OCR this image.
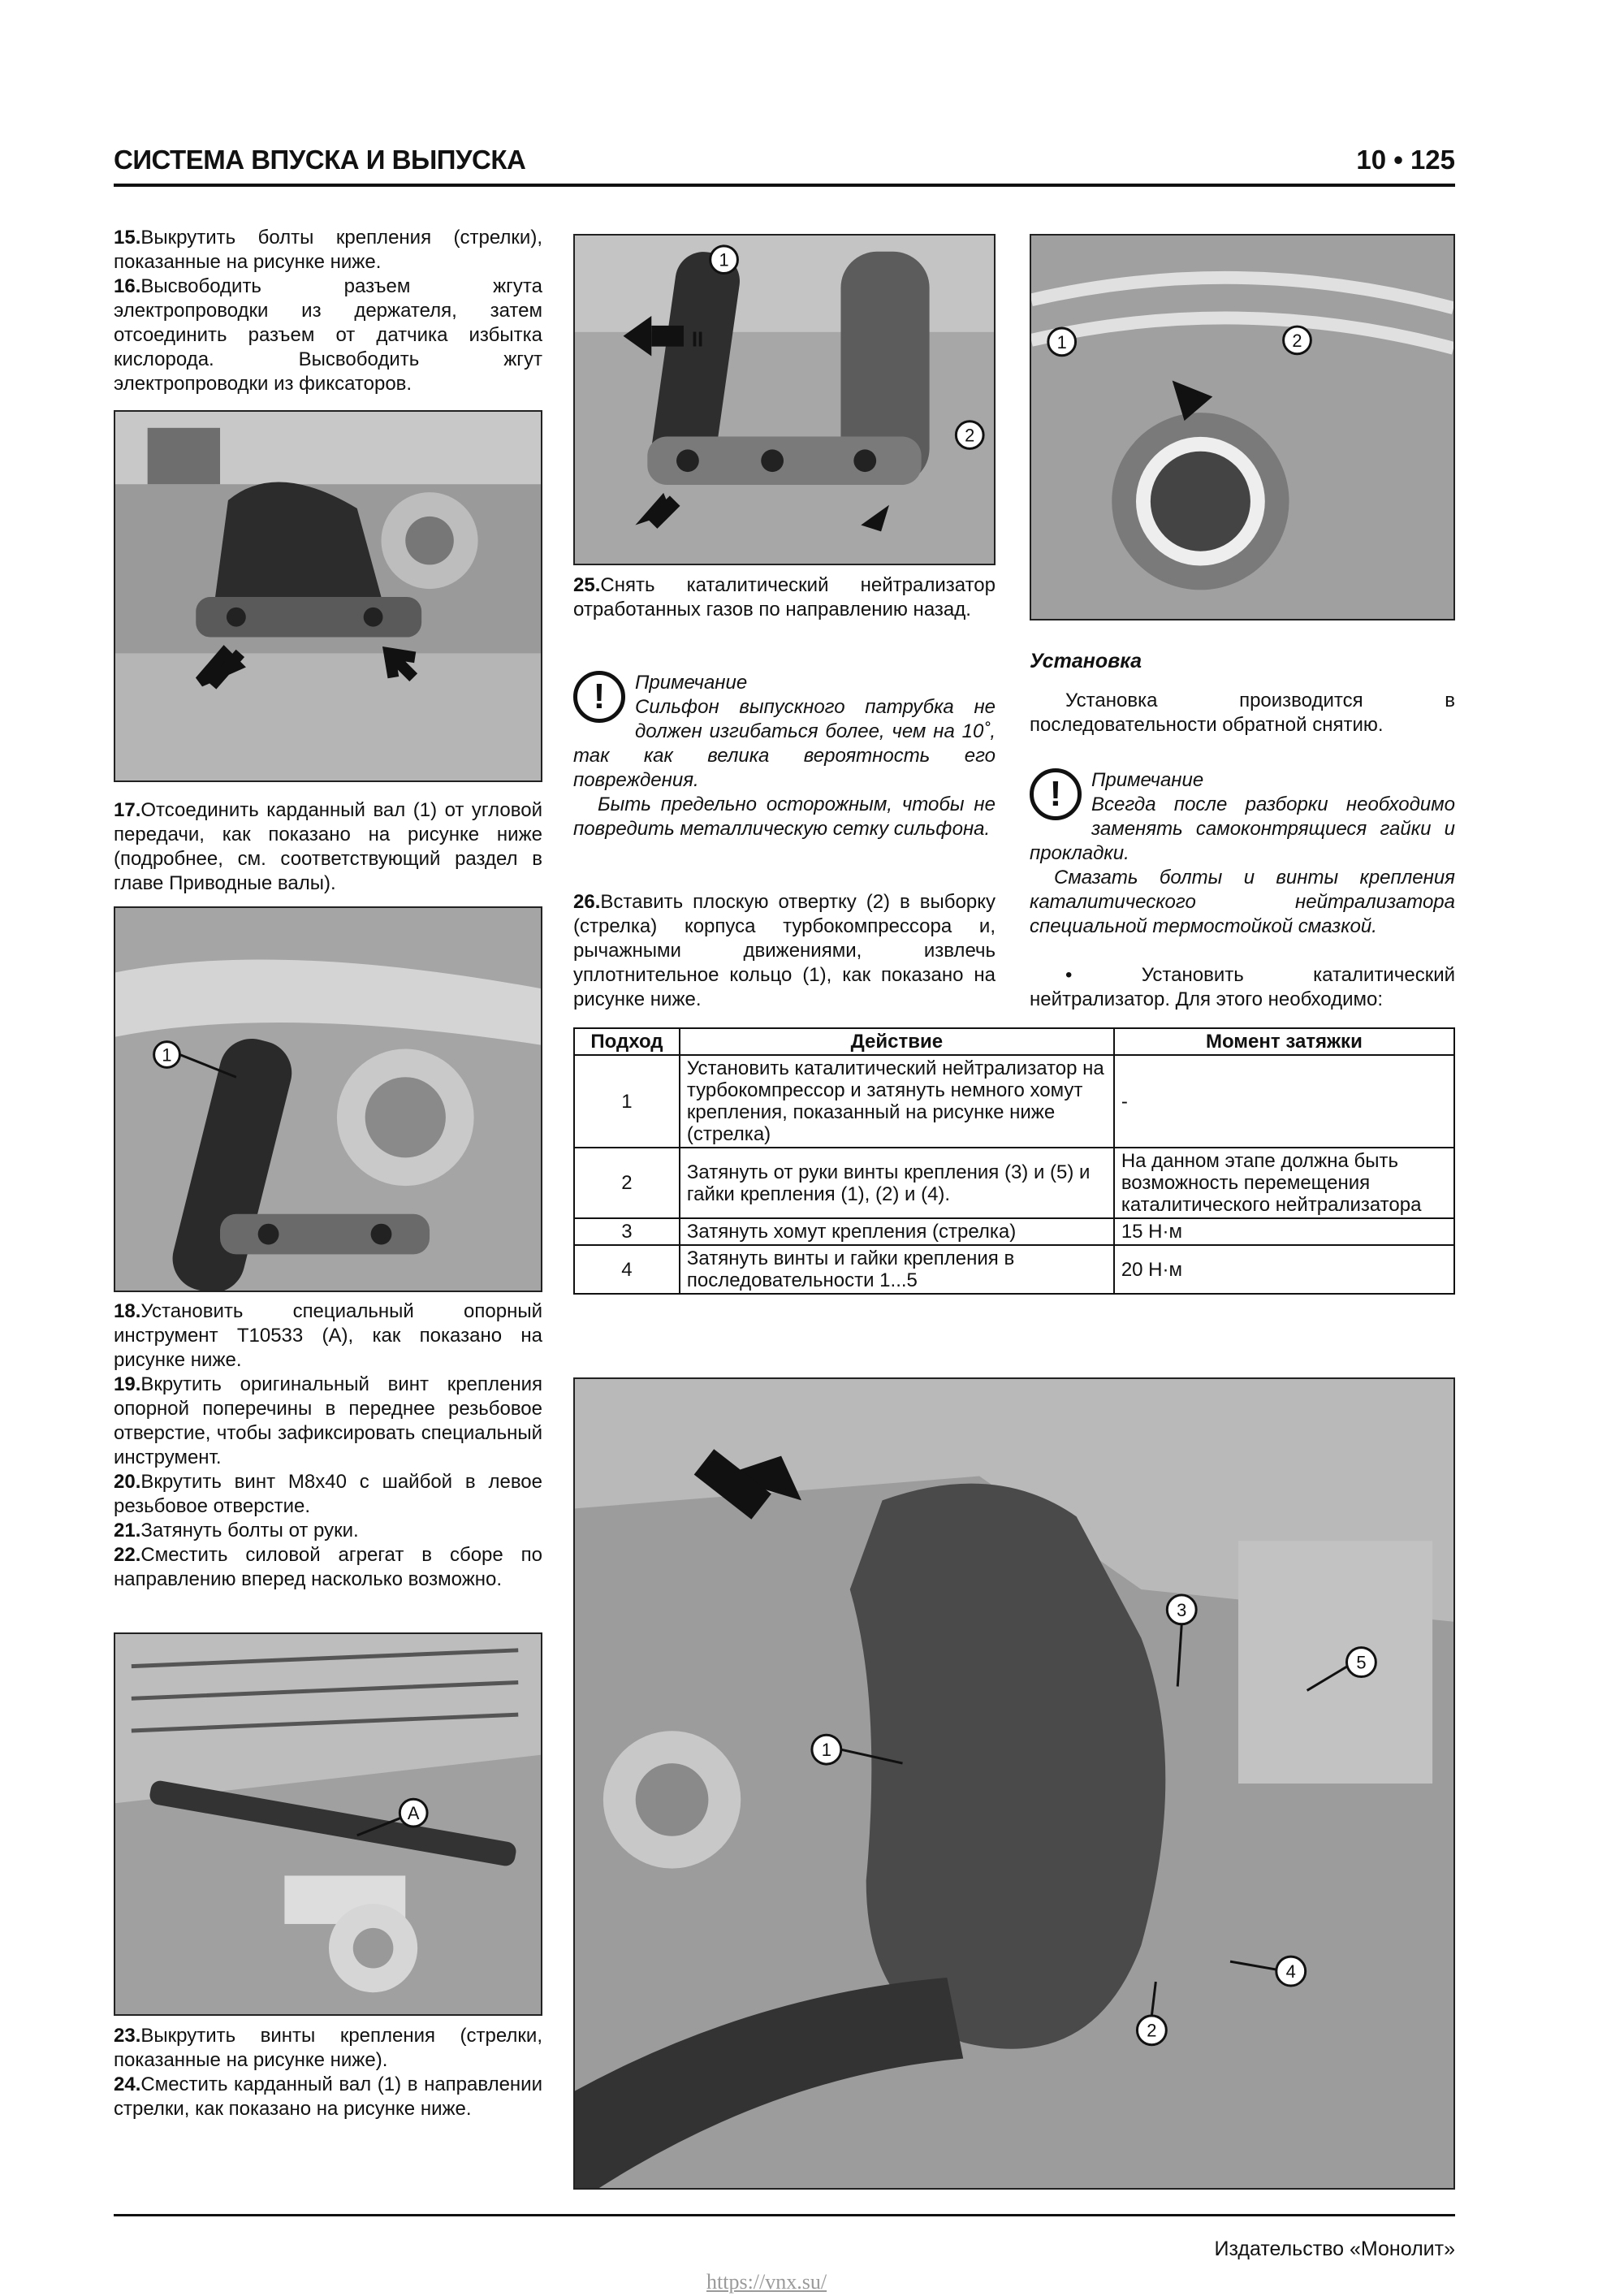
СИСТЕМА ВПУСКА И ВЫПУСКА	10 • 125

15.Выкрутить болты крепления (стрелки), показанные на рисунке ниже.

16.Высвободить разъем жгута электропроводки из держателя, затем отсоединить разъем от датчика избытка кислорода. Высвободить жгут электропроводки из фиксаторов.

17.Отсоединить карданный вал (1) от угловой передачи, как показано на рисунке ниже (подробнее, см. соответствующий раздел в главе Приводные валы).

1

18.Установить специальный опорный инструмент T10533 (A), как показано на рисунке ниже.

19.Вкрутить оригинальный винт крепления опорной поперечины в переднее резьбовое отверстие, чтобы зафиксировать специальный инструмент.

20.Вкрутить винт M8x40 с шайбой в левое резьбовое отверстие.

21.Затянуть болты от руки.

22.Сместить силовой агрегат в сборе по направлению вперед насколько возможно.

A

23.Выкрутить винты крепления (стрелки, показанные на рисунке ниже).

24.Сместить карданный вал (1) в направлении стрелки, как показано на рисунке ниже.

II
1
2

25.Снять каталитический нейтрализатор отработанных газов по направлению назад.

!	Примечание
Сильфон выпускного патрубка не должен изгибаться более, чем на 10˚, так как велика вероятность его повреждения.
Быть предельно осторожным, чтобы не повредить металлическую сетку сильфона.

26.Вставить плоскую отвертку (2) в выборку (стрелка) корпуса турбокомпрессора и, рычажными движениями, извлечь уплотнительное кольцо (1), как показано на рисунке ниже.

1	2
Установка
Установка производится в последовательности обратной снятию.
!	Примечание
Всегда после разборки необходимо заменять самоконтрящиеся гайки и прокладки.
Смазать болты и винты крепления каталитического нейтрализатора специальной термостойкой смазкой.
• Установить каталитический нейтрализатор. Для этого необходимо:
Подход	Действие	Момент затяжки
1	Установить каталитический нейтрализатор на турбокомпрессор и затянуть немного хомут крепления, показанный на рисунке ниже (стрелка)	-
2	Затянуть от руки винты крепления (3) и (5) и гайки крепления (1), (2) и (4).	На данном этапе должна быть возможность перемещения каталитического нейтрализатора
3	Затянуть хомут крепления (стрелка)	15 Н·м
4	Затянуть винты и гайки крепления в последовательности 1...5	20 Н·м
3
5
1
4
2
Издательство «Монолит»
https://vnx.su/
